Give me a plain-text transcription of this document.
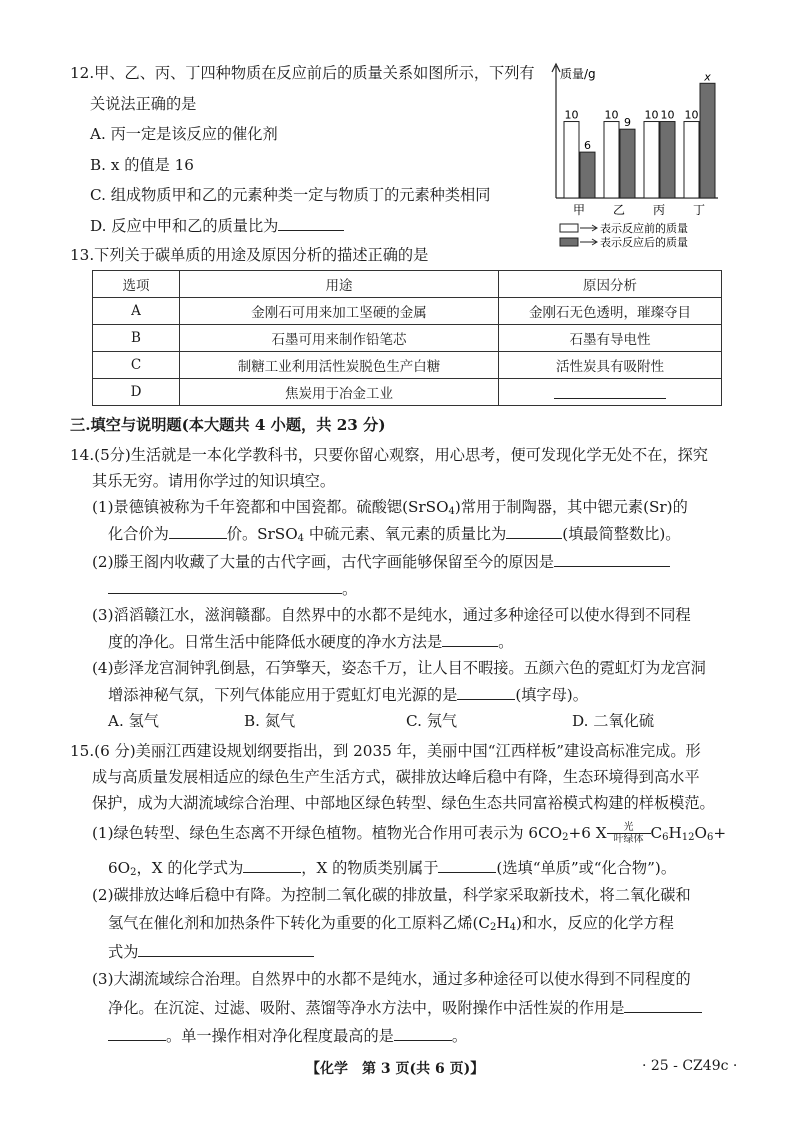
12.甲、乙、丙、丁四种物质在反应前后的质量关系如图所示，下列有
关说法正确的是
A. 丙一定是该反应的催化剂
B. x 的值是 16
C. 组成物质甲和乙的元素种类一定与物质丁的元素种类相同
D. 反应中甲和乙的质量比为
质量/g
10
6
甲
10
9
乙
10 10
丙
10
x
丁
表示反应前的质量
表示反应后的质量
13.下列关于碳单质的用途及原因分析的描述正确的是
选项	用途	原因分析
A	金刚石可用来加工坚硬的金属	金刚石无色透明，璀璨夺目
B	石墨可用来制作铅笔芯	石墨有导电性
C	制糖工业利用活性炭脱色生产白糖	活性炭具有吸附性
D	焦炭用于冶金工业	
三.填空与说明题(本大题共 4 小题，共 23 分)
14.(5分)生活就是一本化学教科书，只要你留心观察，用心思考，便可发现化学无处不在，探究
其乐无穷。请用你学过的知识填空。
(1)景德镇被称为千年瓷都和中国瓷都。硫酸锶(SrSO$_4$)常用于制陶器，其中锶元素(Sr)的
化合价为	价。SrSO$_4$ 中硫元素、氧元素的质量比为	(填最简整数比)。
(2)滕王阁内收藏了大量的古代字画，古代字画能够保留至今的原因是
。
(3)滔滔赣江水，滋润赣鄱。自然界中的水都不是纯水，通过多种途径可以使水得到不同程
度的净化。日常生活中能降低水硬度的净水方法是	。
(4)彭泽龙宫洞钟乳倒悬，石笋擎天，姿态千万，让人目不暇接。五颜六色的霓虹灯为龙宫洞
增添神秘气氛，下列气体能应用于霓虹灯电光源的是	(填字母)。
A. 氢气	B. 氮气	C. 氖气	D. 二氧化硫
15.(6 分)美丽江西建设规划纲要指出，到 2035 年，美丽中国“江西样板”建设高标准完成。形
成与高质量发展相适应的绿色生产生活方式，碳排放达峰后稳中有降，生态环境得到高水平
保护，成为大湖流域综合治理、中部地区绿色转型、绿色生态共同富裕模式构建的样板模范。
(1)绿色转型、绿色生态离不开绿色植物。植物光合作用可表示为 $6CO_2+6$ X	光
叶绿体 $C_6H_{12}O_6+$
$6O_2$，X 的化学式为	，X 的物质类别属于	(选填“单质”或“化合物”)。
(2)碳排放达峰后稳中有降。为控制二氧化碳的排放量，科学家采取新技术，将二氧化碳和
氢气在催化剂和加热条件下转化为重要的化工原料乙烯$(C_2H_4)$和水，反应的化学方程
式为
(3)大湖流域综合治理。自然界中的水都不是纯水，通过多种途径可以使水得到不同程度的
净化。在沉淀、过滤、吸附、蒸馏等净水方法中，吸附操作中活性炭的作用是
。单一操作相对净化程度最高的是	。
【化学　第 3 页(共 6 页)】	· 25 - CZ49c ·
